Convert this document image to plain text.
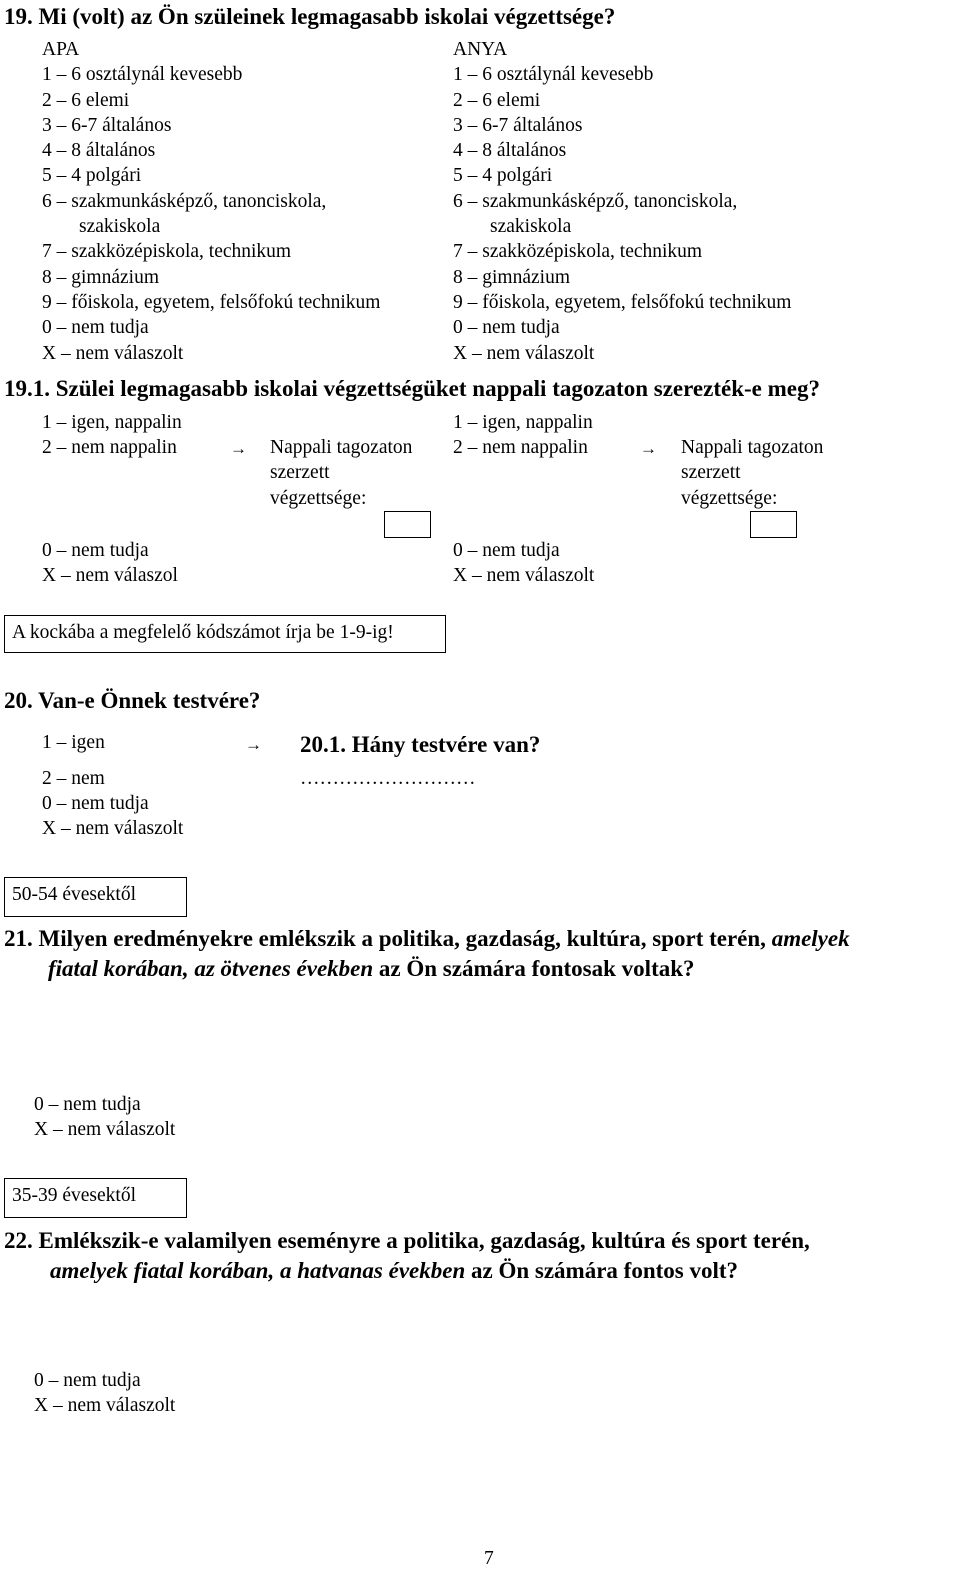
19. Mi (volt) az Ön szüleinek legmagasabb iskolai végzettsége?
APA
1 – 6 osztálynál kevesebb
2 – 6 elemi
3 – 6-7 általános
4 – 8 általános
5 – 4 polgári
6 – szakmunkásképző, tanonciskola,
szakiskola
7 – szakközépiskola, technikum
8 – gimnázium
9 – főiskola, egyetem, felsőfokú technikum
0 – nem tudja
X – nem válaszolt
ANYA
1 – 6 osztálynál kevesebb
2 – 6 elemi
3 – 6-7 általános
4 – 8 általános
5 – 4 polgári
6 – szakmunkásképző, tanonciskola,
szakiskola
7 – szakközépiskola, technikum
8 – gimnázium
9 – főiskola, egyetem, felsőfokú technikum
0 – nem tudja
X – nem válaszolt
19.1. Szülei legmagasabb iskolai végzettségüket nappali tagozaton szerezték-e meg?
1 – igen, nappalin
2 – nem nappalin	→ Nappali tagozaton
szerzett
végzettsége:
0 – nem tudja
X – nem válaszol
1 – igen, nappalin
2 – nem nappalin	→ Nappali tagozaton
szerzett
végzettsége:
0 – nem tudja
X – nem válaszolt
A kockába a megfelelő kódszámot írja be 1-9-ig!
20. Van-e Önnek testvére?
1 – igen	→ 20.1. Hány testvére van?
2 – nem	………………………
0 – nem tudja
X – nem válaszolt
50-54 évesektől
21. Milyen eredményekre emlékszik a politika, gazdaság, kultúra, sport terén, amelyek
fiatal korában, az ötvenes években az Ön számára fontosak voltak?
0 – nem tudja
X – nem válaszolt
35-39 évesektől
22. Emlékszik-e valamilyen eseményre a politika, gazdaság, kultúra és sport terén,
amelyek fiatal korában, a hatvanas években az Ön számára fontos volt?
0 – nem tudja
X – nem válaszolt
7
